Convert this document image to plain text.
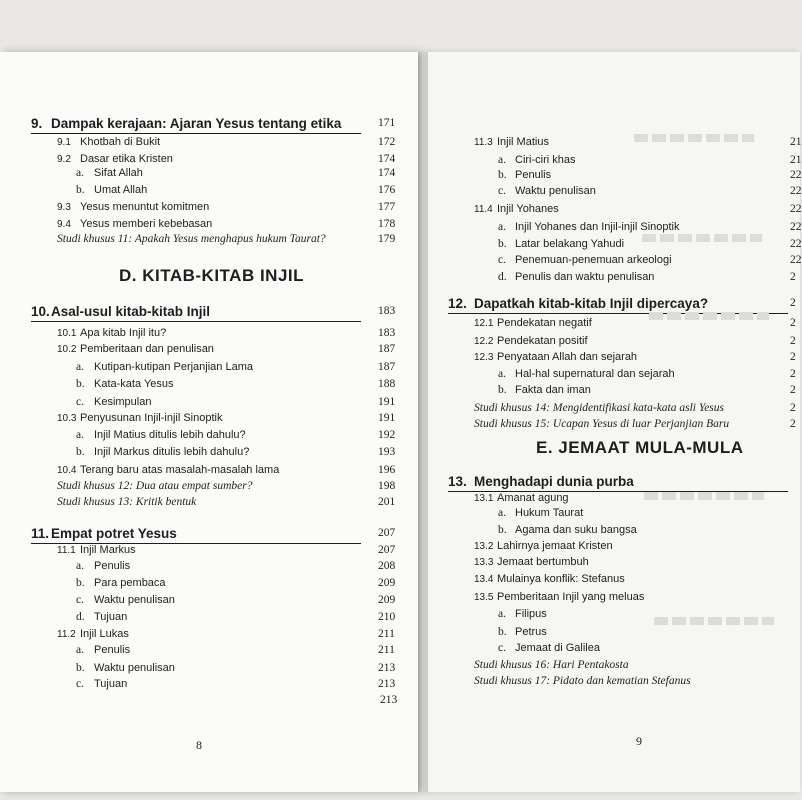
11.3 Injil Matius	21
a. Ciri-ciri khas	21
b. Penulis	22
c. Waktu penulisan	22
11.4 Injil Yohanes	22
a. Injil Yohanes dan Injil-injil Sinoptik	22
b. Latar belakang Yahudi	22
c. Penemuan-penemuan arkeologi	22
d. Penulis dan waktu penulisan	2
12. Dapatkah kitab-kitab Injil dipercaya?	2
12.1 Pendekatan negatif	2
12.2 Pendekatan positif	2
12.3 Penyataan Allah dan sejarah	2
a. Hal-hal supernatural dan sejarah	2
b. Fakta dan iman	2
Studi khusus 14: Mengidentifikasi kata-kata asli Yesus	2
Studi khusus 15: Ucapan Yesus di luar Perjanjian Baru	2
E. JEMAAT MULA-MULA
13. Menghadapi dunia purba
13.1 Amanat agung
a. Hukum Taurat
b. Agama dan suku bangsa
13.2 Lahirnya jemaat Kristen
13.3 Jemaat bertumbuh
13.4 Mulainya konflik: Stefanus
13.5 Pemberitaan Injil yang meluas
a. Filipus
b. Petrus
c. Jemaat di Galilea
Studi khusus 16: Hari Pentakosta
Studi khusus 17: Pidato dan kematian Stefanus
9
9. Dampak kerajaan: Ajaran Yesus tentang etika	171
9.1 Khotbah di Bukit	172
9.2 Dasar etika Kristen	174
a. Sifat Allah	174
b. Umat Allah	176
9.3 Yesus menuntut komitmen	177
9.4 Yesus memberi kebebasan	178
Studi khusus 11: Apakah Yesus menghapus hukum Taurat?	179
D. KITAB-KITAB INJIL
10. Asal-usul kitab-kitab Injil	183
10.1 Apa kitab Injil itu?	183
10.2 Pemberitaan dan penulisan	187
a. Kutipan-kutipan Perjanjian Lama	187
b. Kata-kata Yesus	188
c. Kesimpulan	191
10.3 Penyusunan Injil-injil Sinoptik	191
a. Injil Matius ditulis lebih dahulu?	192
b. Injil Markus ditulis lebih dahulu?	193
10.4 Terang baru atas masalah-masalah lama	196
Studi khusus 12: Dua atau empat sumber?	198
Studi khusus 13: Kritik bentuk	201
11. Empat potret Yesus	207
11.1 Injil Markus	207
a. Penulis	208
b. Para pembaca	209
c. Waktu penulisan	209
d. Tujuan	210
11.2 Injil Lukas	211
a. Penulis	211
b. Waktu penulisan	213
c. Tujuan	213
8
213
